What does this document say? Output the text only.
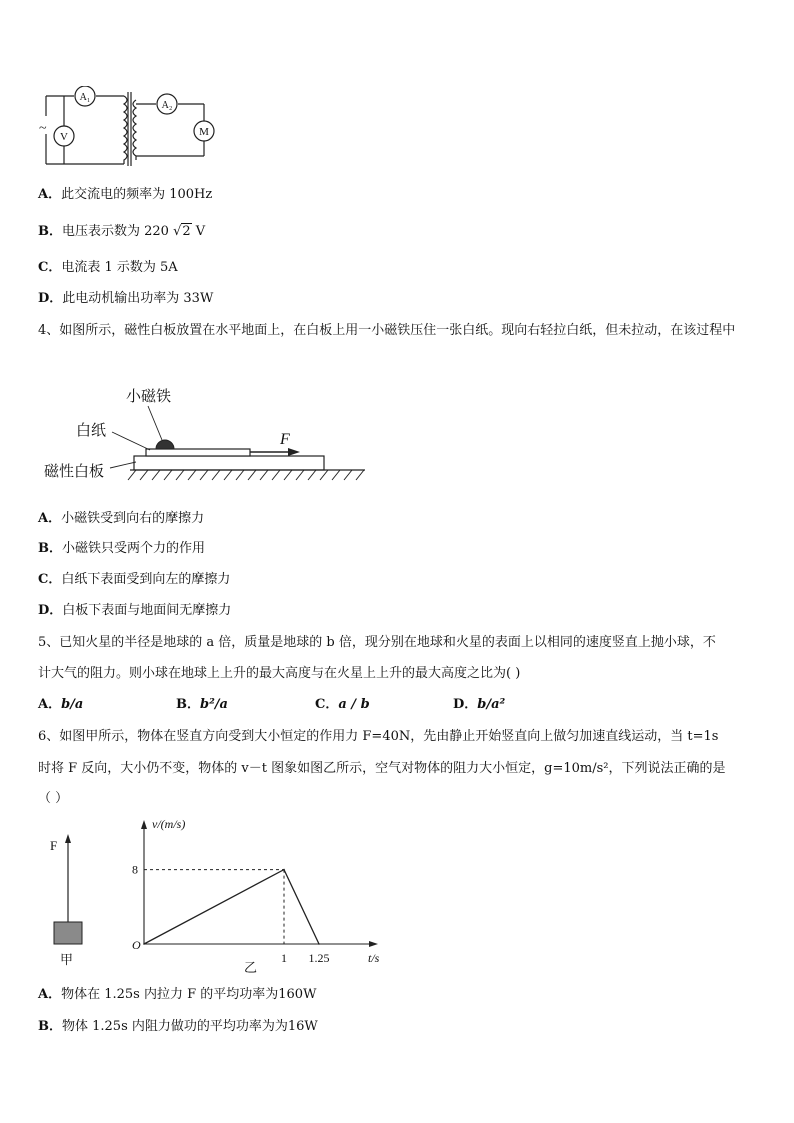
~
V
A₁
A₂
M
A．此交流电的频率为 100Hz
B．电压表示数为 220 √2 V
C．电流表 1 示数为 5A
D．此电动机输出功率为 33W
4、如图所示，磁性白板放置在水平地面上，在白板上用一小磁铁压住一张白纸。现向右轻拉白纸，但未拉动，在该过程中
小磁铁
白纸
磁性白板
F
A．小磁铁受到向右的摩擦力
B．小磁铁只受两个力的作用
C．白纸下表面受到向左的摩擦力
D．白板下表面与地面间无摩擦力
5、已知火星的半径是地球的 a 倍，质量是地球的 b 倍，现分别在地球和火星的表面上以相同的速度竖直上抛小球，不
计大气的阻力。则小球在地球上上升的最大高度与在火星上上升的最大高度之比为( )
A．b/a	B．b²/a	C．a / b	D．b/a²
6、如图甲所示，物体在竖直方向受到大小恒定的作用力 F=40N，先由静止开始竖直向上做匀加速直线运动，当 t=1s
时将 F 反向，大小仍不变，物体的 v－t 图象如图乙所示，空气对物体的阻力大小恒定，g=10m/s²，下列说法正确的是
（ ）
F
甲
v/(m/s)
t/s
O
8
1 1.25
乙
A．物体在 1.25s 内拉力 F 的平均功率为160W
B．物体 1.25s 内阻力做功的平均功率为为16W
